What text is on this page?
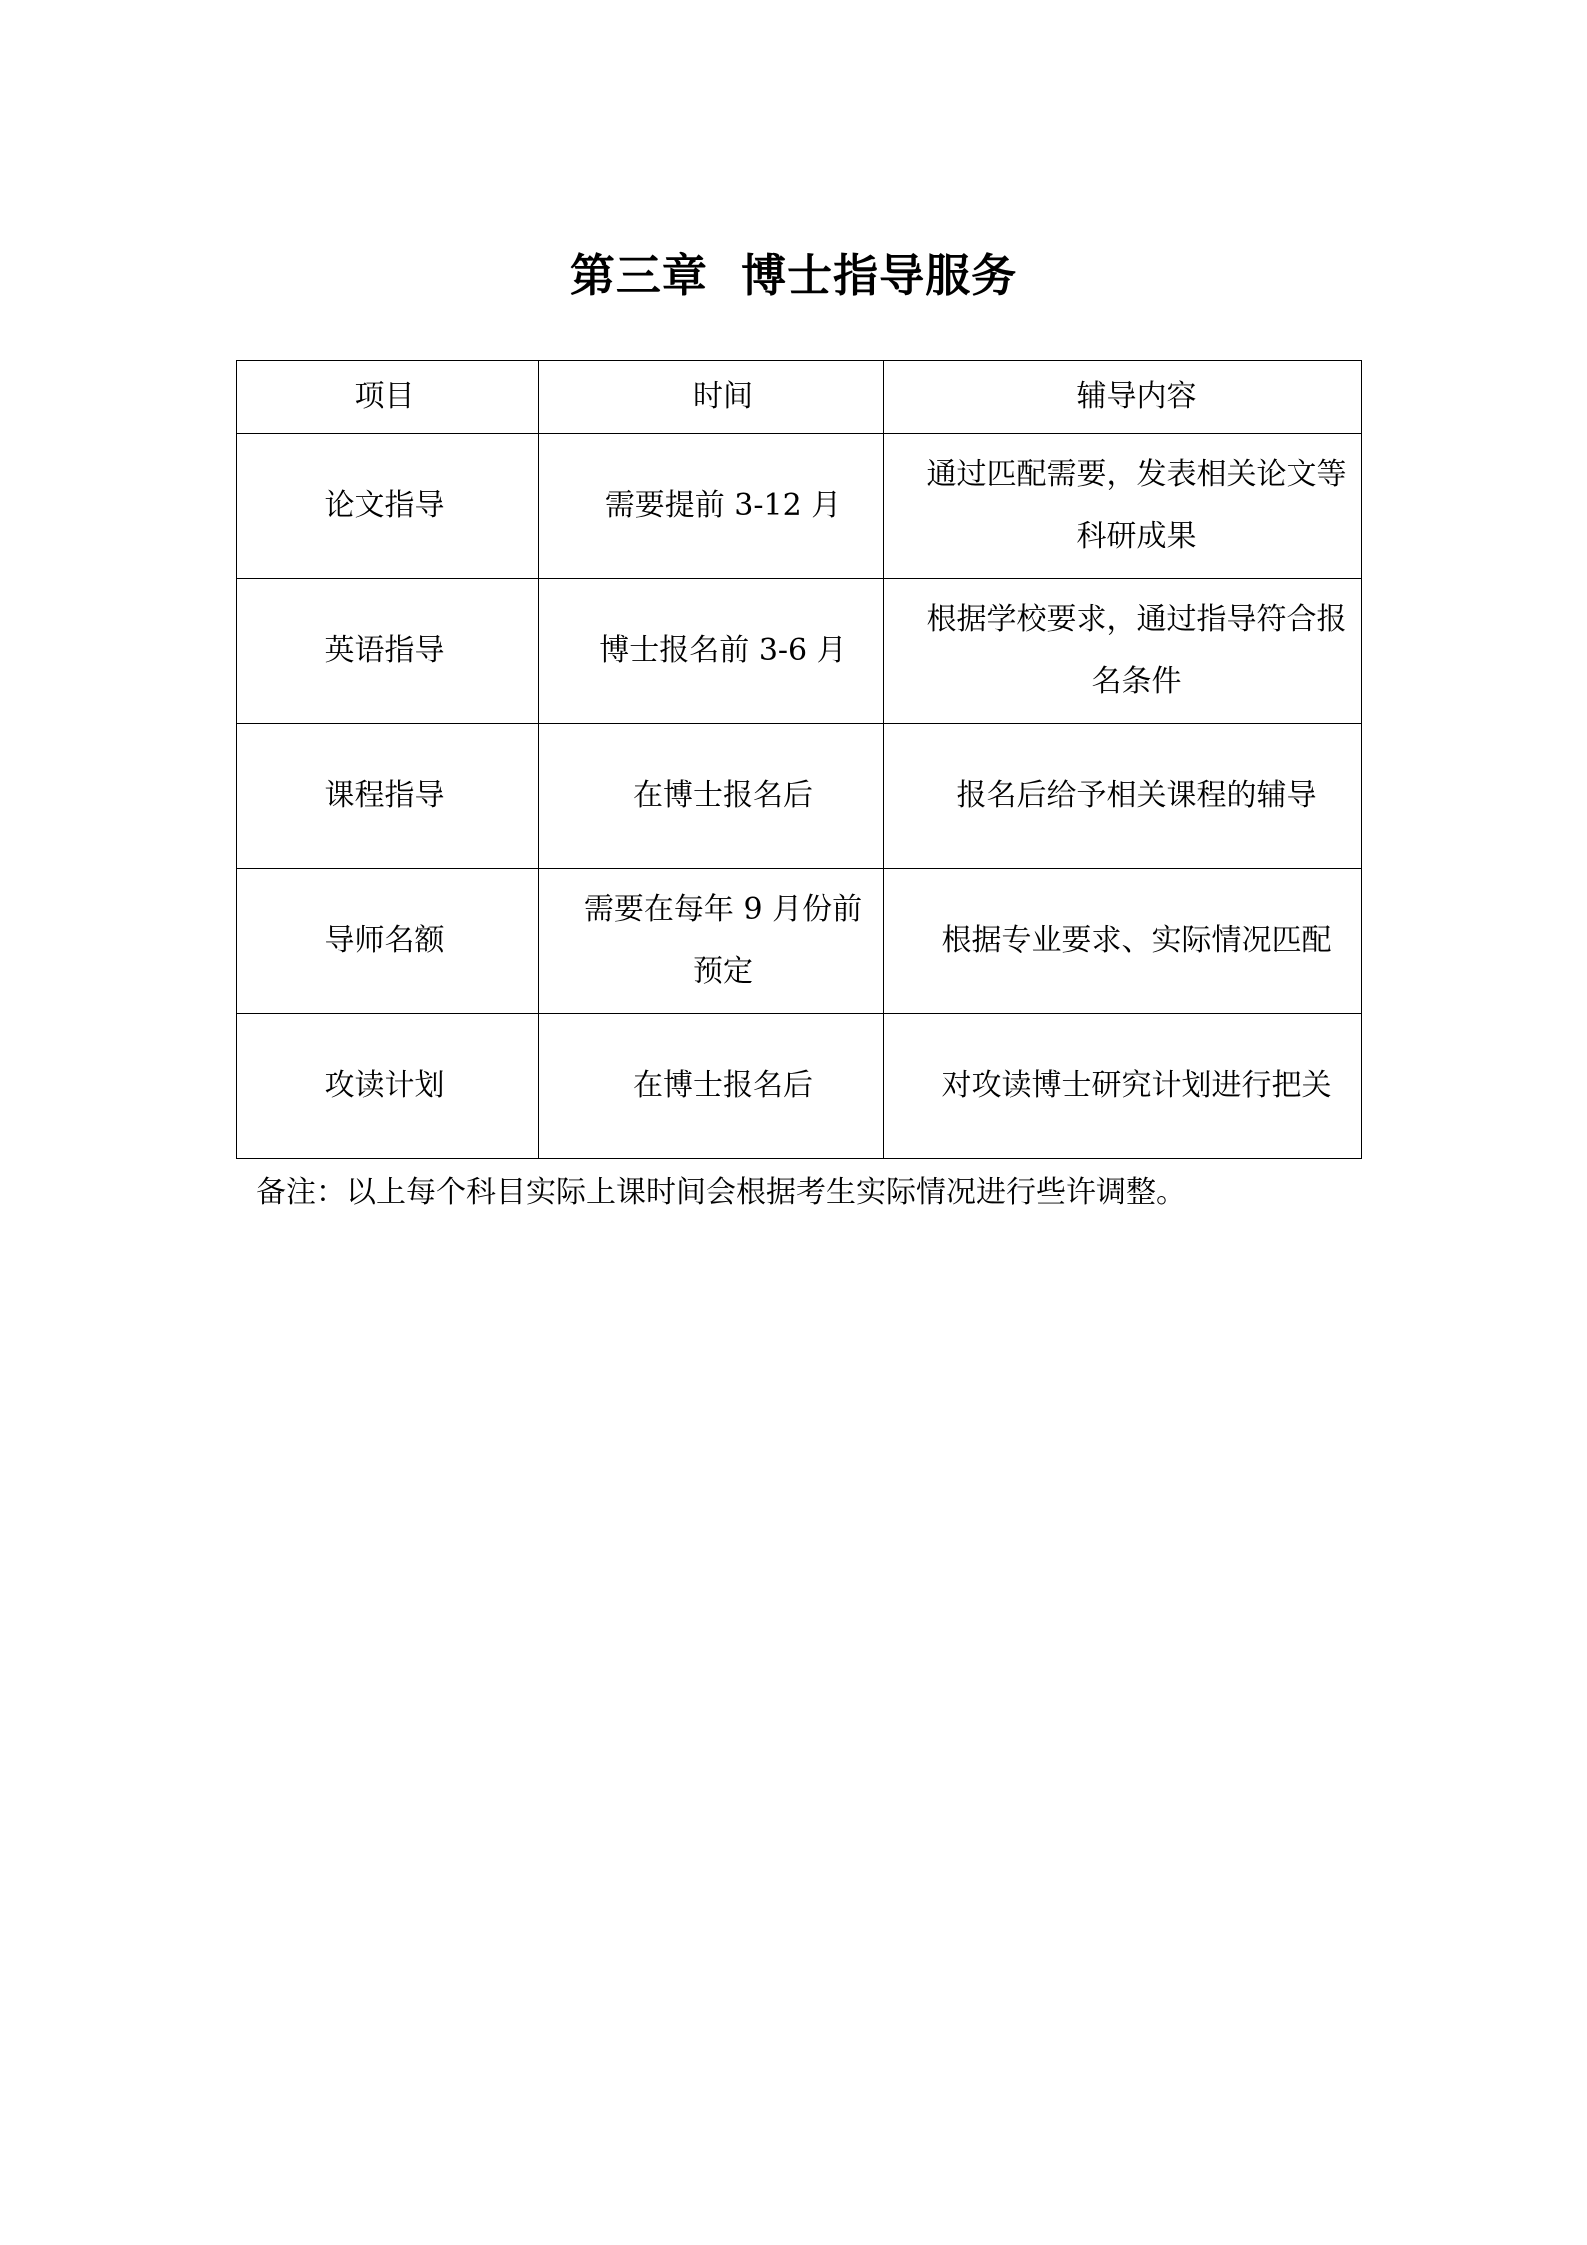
第三章  博士指导服务
项目	时间	辅导内容

论文指导	需要提前 3-12 月	通过匹配需要，发表相关论文等科研成果

英语指导	博士报名前 3-6 月	根据学校要求，通过指导符合报名条件

课程指导	在博士报名后	报名后给予相关课程的辅导

导师名额	需要在每年 9 月份前预定	根据专业要求、实际情况匹配

攻读计划	在博士报名后	对攻读博士研究计划进行把关
备注：以上每个科目实际上课时间会根据考生实际情况进行些许调整。
